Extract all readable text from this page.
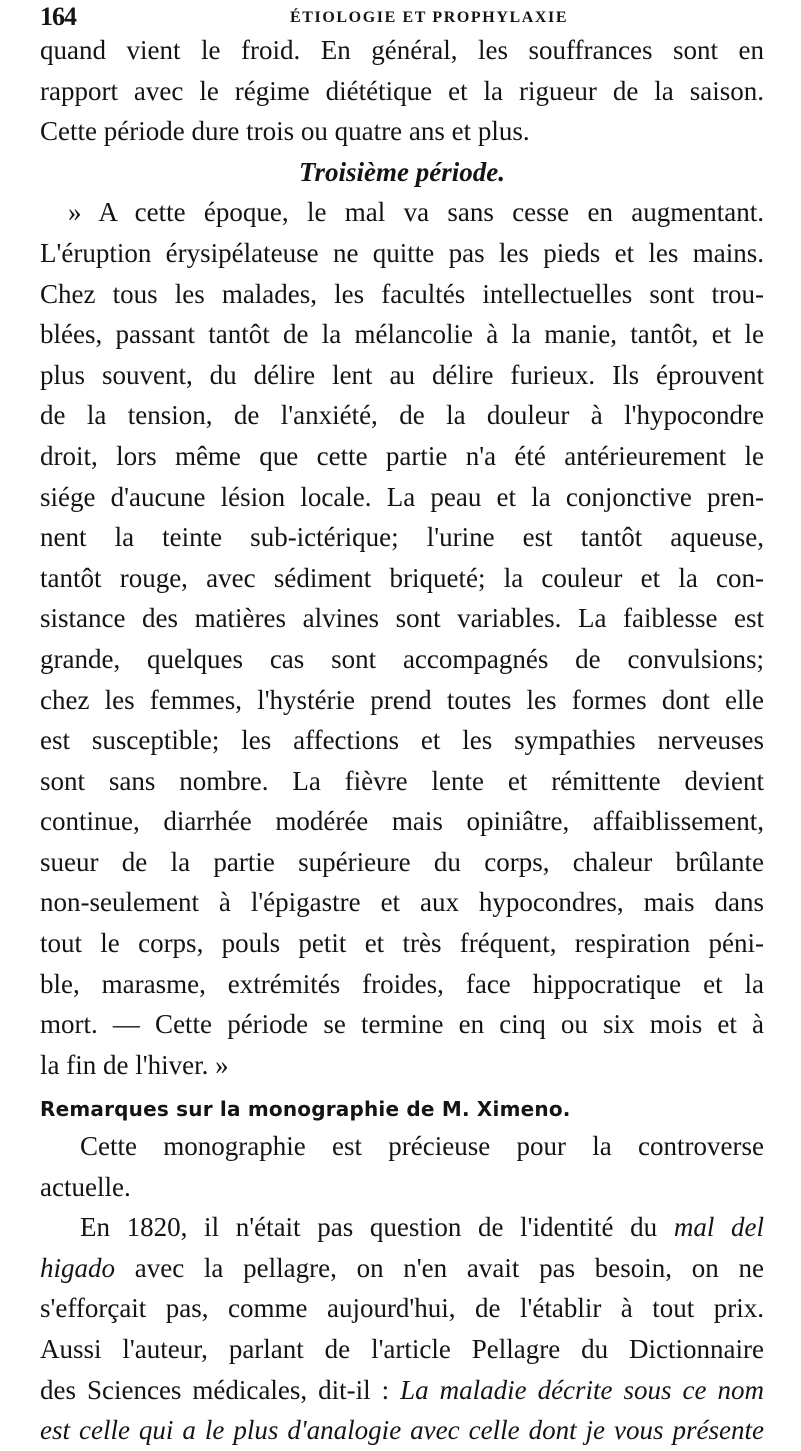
164	ÉTIOLOGIE ET PROPHYLAXIE
quand vient le froid. En général, les souffrances sont en
rapport avec le régime diététique et la rigueur de la saison.
Cette période dure trois ou quatre ans et plus.
Troisième période.
» A cette époque, le mal va sans cesse en augmentant.
L'éruption érysipélateuse ne quitte pas les pieds et les mains.
Chez tous les malades, les facultés intellectuelles sont trou-
blées, passant tantôt de la mélancolie à la manie, tantôt, et le
plus souvent, du délire lent au délire furieux. Ils éprouvent
de la tension, de l'anxiété, de la douleur à l'hypocondre
droit, lors même que cette partie n'a été antérieurement le
siége d'aucune lésion locale. La peau et la conjonctive pren-
nent la teinte sub-ictérique; l'urine est tantôt aqueuse,
tantôt rouge, avec sédiment briqueté; la couleur et la con-
sistance des matières alvines sont variables. La faiblesse est
grande, quelques cas sont accompagnés de convulsions;
chez les femmes, l'hystérie prend toutes les formes dont elle
est susceptible; les affections et les sympathies nerveuses
sont sans nombre. La fièvre lente et rémittente devient
continue, diarrhée modérée mais opiniâtre, affaiblissement,
sueur de la partie supérieure du corps, chaleur brûlante
non-seulement à l'épigastre et aux hypocondres, mais dans
tout le corps, pouls petit et très fréquent, respiration péni-
ble, marasme, extrémités froides, face hippocratique et la
mort. — Cette période se termine en cinq ou six mois et à
la fin de l'hiver. »
Remarques sur la monographie de M. Ximeno.
Cette monographie est précieuse pour la controverse
actuelle.
En 1820, il n'était pas question de l'identité du mal del
higado avec la pellagre, on n'en avait pas besoin, on ne
s'efforçait pas, comme aujourd'hui, de l'établir à tout prix.
Aussi l'auteur, parlant de l'article Pellagre du Dictionnaire
des Sciences médicales, dit-il : La maladie décrite sous ce nom
est celle qui a le plus d'analogie avec celle dont je vous présente
